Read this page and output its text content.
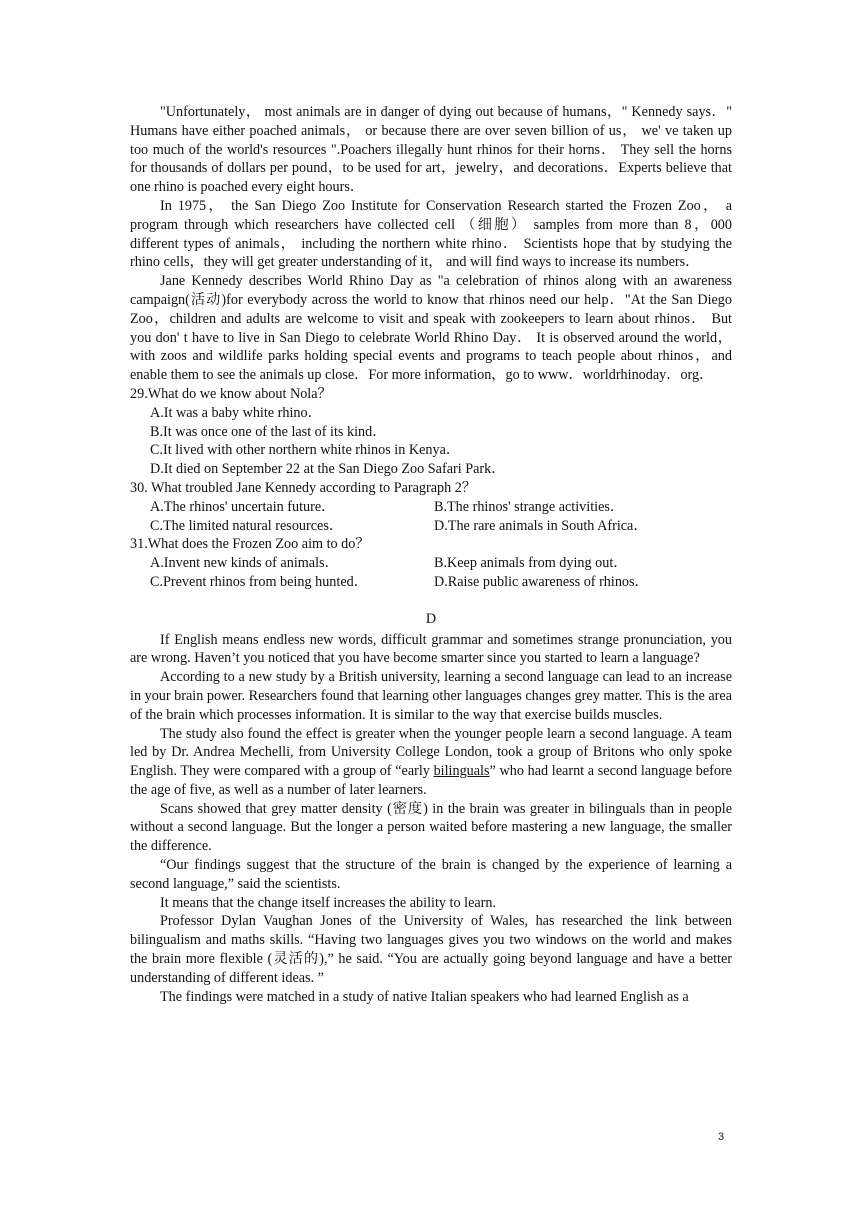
"Unfortunately， most animals are in danger of dying out because of humans，" Kennedy says．" Humans have either poached animals， or because there are over seven billion of us， we' ve taken up too much of the world's resources ".Poachers illegally hunt rhinos for their horns． They sell the horns for thousands of dollars per pound，to be used for art，jewelry，and decorations．Experts believe that one rhino is poached every eight hours．

In 1975， the San Diego Zoo Institute for Conservation Research started the Frozen Zoo， a program through which researchers have collected cell （细胞） samples from more than 8，000 different types of animals， including the northern white rhino． Scientists hope that by studying the rhino cells，they will get greater understanding of it， and will find ways to increase its numbers．

Jane Kennedy describes World Rhino Day as "a celebration of rhinos along with an awareness campaign(活动)for everybody across the world to know that rhinos need our help．"At the San Diego Zoo，children and adults are welcome to visit and speak with zookeepers to learn about rhinos． But you don' t have to live in San Diego to celebrate World Rhino Day． It is observed around the world， with zoos and wildlife parks holding special events and programs to teach people about rhinos，and enable them to see the animals up close．For more information，go to www．worldrhinoday．org．

29.What do we know about Nola？

A.It was a baby white rhino．

B.It was once one of the last of its kind．

C.It lived with other northern white rhinos in Kenya．

D.It died on September 22 at the San Diego Zoo Safari Park．

30. What troubled Jane Kennedy according to Paragraph 2？

A.The rhinos' uncertain future．	B.The rhinos' strange activities．
C.The limited natural resources．	D.The rare animals in South Africa．

31.What does the Frozen Zoo aim to do？

A.Invent new kinds of animals．	B.Keep animals from dying out．
C.Prevent rhinos from being hunted．	D.Raise public awareness of rhinos．

D

If English means endless new words, difficult grammar and sometimes strange pronunciation, you are wrong. Haven’t you noticed that you have become smarter since you started to learn a language?

According to a new study by a British university, learning a second language can lead to an increase in your brain power. Researchers found that learning other languages changes grey matter. This is the area of the brain which processes information. It is similar to the way that exercise builds muscles.

The study also found the effect is greater when the younger people learn a second language. A team led by Dr. Andrea Mechelli, from University College London, took a group of Britons who only spoke English. They were compared with a group of “early bilinguals” who had learnt a second language before the age of five, as well as a number of later learners.

Scans showed that grey matter density (密度) in the brain was greater in bilinguals than in people without a second language. But the longer a person waited before mastering a new language, the smaller the difference.

“Our findings suggest that the structure of the brain is changed by the experience of learning a second language,” said the scientists.

It means that the change itself increases the ability to learn.

Professor Dylan Vaughan Jones of the University of Wales, has researched the link between bilingualism and maths skills. “Having two languages gives you two windows on the world and makes the brain more flexible (灵活的),” he said. “You are actually going beyond language and have a better understanding of different ideas. ”

The findings were matched in a study of native Italian speakers who had learned English as a

3
